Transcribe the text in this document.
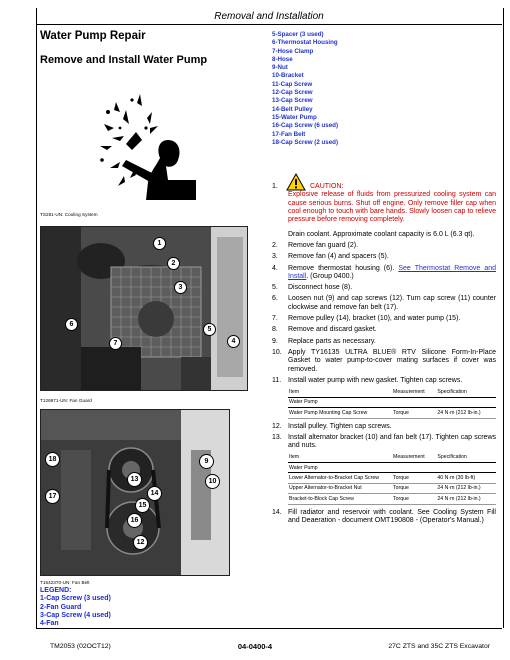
Removal and Installation
Water Pump Repair
Remove and Install Water Pump
TS281-UN: Cooling System
1
2
3
4
5
6
7
T126971-UN: Fan Guard
9
10
18
17
13
14
15
16
12
T1642370-UN: Fan Belt
LEGEND:
1-Cap Screw (3 used)
2-Fan Guard
3-Cap Screw (4 used)
4-Fan
5-Spacer (3 used)
6-Thermostat Housing
7-Hose Clamp
8-Hose
9-Nut
10-Bracket
11-Cap Screw
12-Cap Screw
13-Cap Screw
14-Belt Pulley
15-Water Pump
16-Cap Screw (6 used)
17-Fan Belt
18-Cap Screw (2 used)
1.	CAUTION:
Explosive release of fluids from pressurized cooling system can cause serious burns. Shut off engine. Only remove filler cap when cool enough to touch with bare hands. Slowly loosen cap to relieve pressure before removing completely.
Drain coolant. Approximate coolant capacity is 6.0 L (6.3 qt).
2. Remove fan guard (2).
3. Remove fan (4) and spacers (5).
4. Remove thermostat housing (6). See Thermostat Remove and Install. (Group 0400.)
5. Disconnect hose (8).
6. Loosen nut (9) and cap screws (12). Turn cap screw (11) counter clockwise and remove fan belt (17).
7. Remove pulley (14), bracket (10), and water pump (15).
8. Remove and discard gasket.
9. Replace parts as necessary.
10. Apply TY16135 ULTRA BLUE® RTV Silicone Form-In-Place Gasket to water pump-to-cover mating surfaces if cover was removed.
11. Install water pump with new gasket. Tighten cap screws.
Item	Measurement	Specification
Water Pump		
Water Pump Mounting Cap Screw	Torque	24 N·m (212 lb-in.)
12. Install pulley. Tighten cap screws.
13. Install alternator bracket (10) and fan belt (17). Tighten cap screws and nuts.
Item	Measurement	Specification
Water Pump		
Lower Alternator-to-Bracket Cap Screw	Torque	40 N·m (30 lb-ft)
Upper Alternator-to-Bracket Nut	Torque	24 N·m (212 lb-in.)
Bracket-to-Block Cap Screw	Torque	24 N·m (212 lb-in.)
14. Fill radiator and reservoir with coolant. See Cooling System Fill and Deaeration - document OMT190808 - (Operator's Manual.)
TM2053 (02OCT12)	04-0400-4	27C ZTS and 35C ZTS Excavator
